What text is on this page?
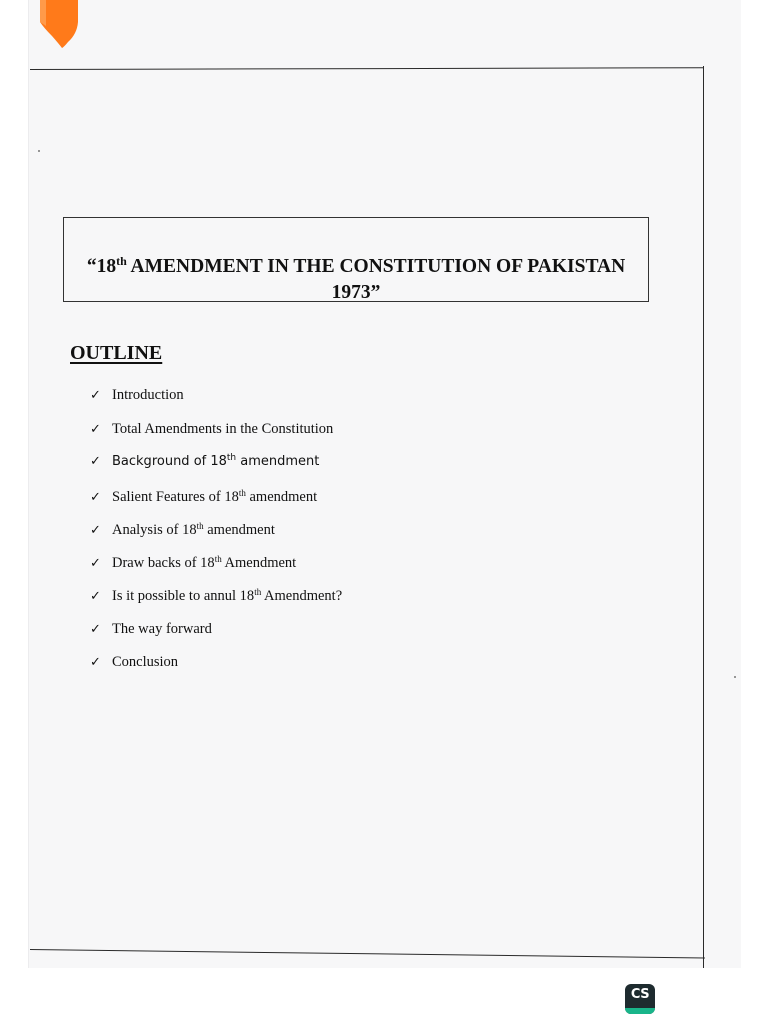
“18th AMENDMENT IN THE CONSTITUTION OF PAKISTAN
1973”
OUTLINE
✓ Introduction
✓ Total Amendments in the Constitution
✓ Background of 18th amendment
✓ Salient Features of 18th amendment
✓ Analysis of 18th amendment
✓ Draw backs of 18th Amendment
✓ Is it possible to annul 18th Amendment?
✓ The way forward
✓ Conclusion
CS
